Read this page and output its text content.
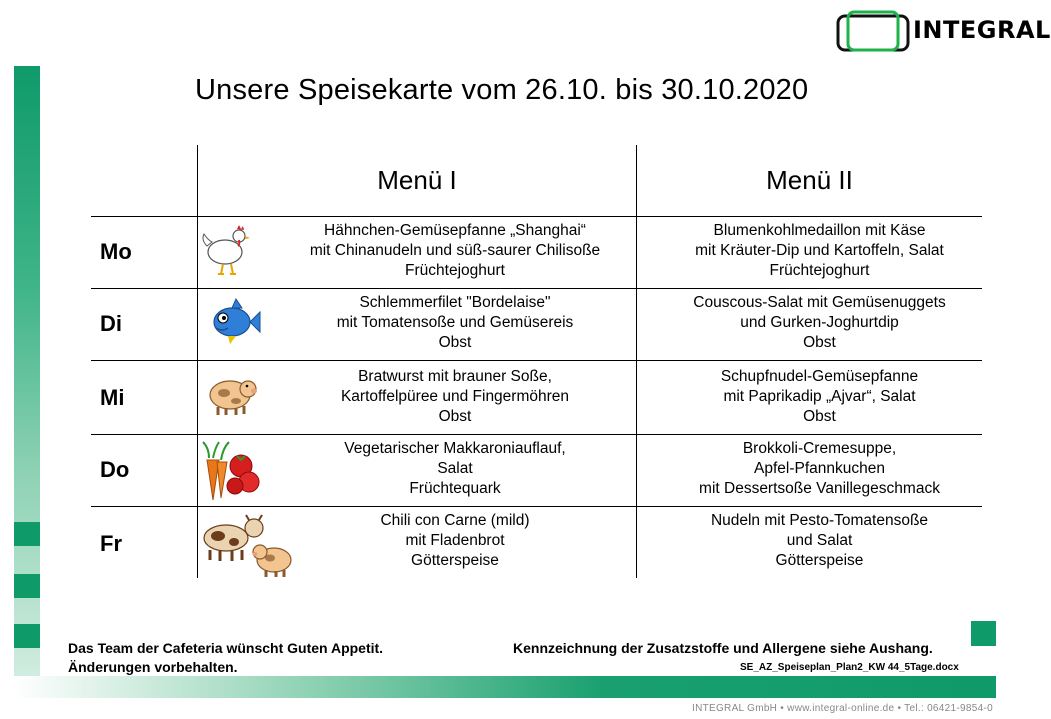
INTEGRAL
Unsere Speisekarte vom 26.10. bis 30.10.2020
Menü I	Menü II
Mo
Hähnchen-Gemüsepfanne „Shanghai“
mit Chinanudeln und süß-saurer Chilisoße
Früchtejoghurt
Blumenkohlmedaillon mit Käse
mit Kräuter-Dip und Kartoffeln, Salat
Früchtejoghurt
Di
Schlemmerfilet "Bordelaise"
mit Tomatensoße und Gemüsereis
Obst
Couscous-Salat mit Gemüsenuggets
und Gurken-Joghurtdip
Obst
Mi
Bratwurst mit brauner Soße,
Kartoffelpüree und Fingermöhren
Obst
Schupfnudel-Gemüsepfanne
mit Paprikadip „Ajvar“, Salat
Obst
Do
Vegetarischer Makkaroniauflauf,
Salat
Früchtequark
Brokkoli-Cremesuppe,
Apfel-Pfannkuchen
mit Dessertsoße Vanillegeschmack
Fr
Chili con Carne (mild)
mit Fladenbrot
Götterspeise
Nudeln mit Pesto-Tomatensoße
und Salat
Götterspeise
Das Team der Cafeteria wünscht Guten Appetit.
Änderungen vorbehalten.
Kennzeichnung der Zusatzstoffe und Allergene siehe Aushang.
SE_AZ_Speiseplan_Plan2_KW 44_5Tage.docx
INTEGRAL GmbH • www.integral-online.de • Tel.: 06421-9854-0
